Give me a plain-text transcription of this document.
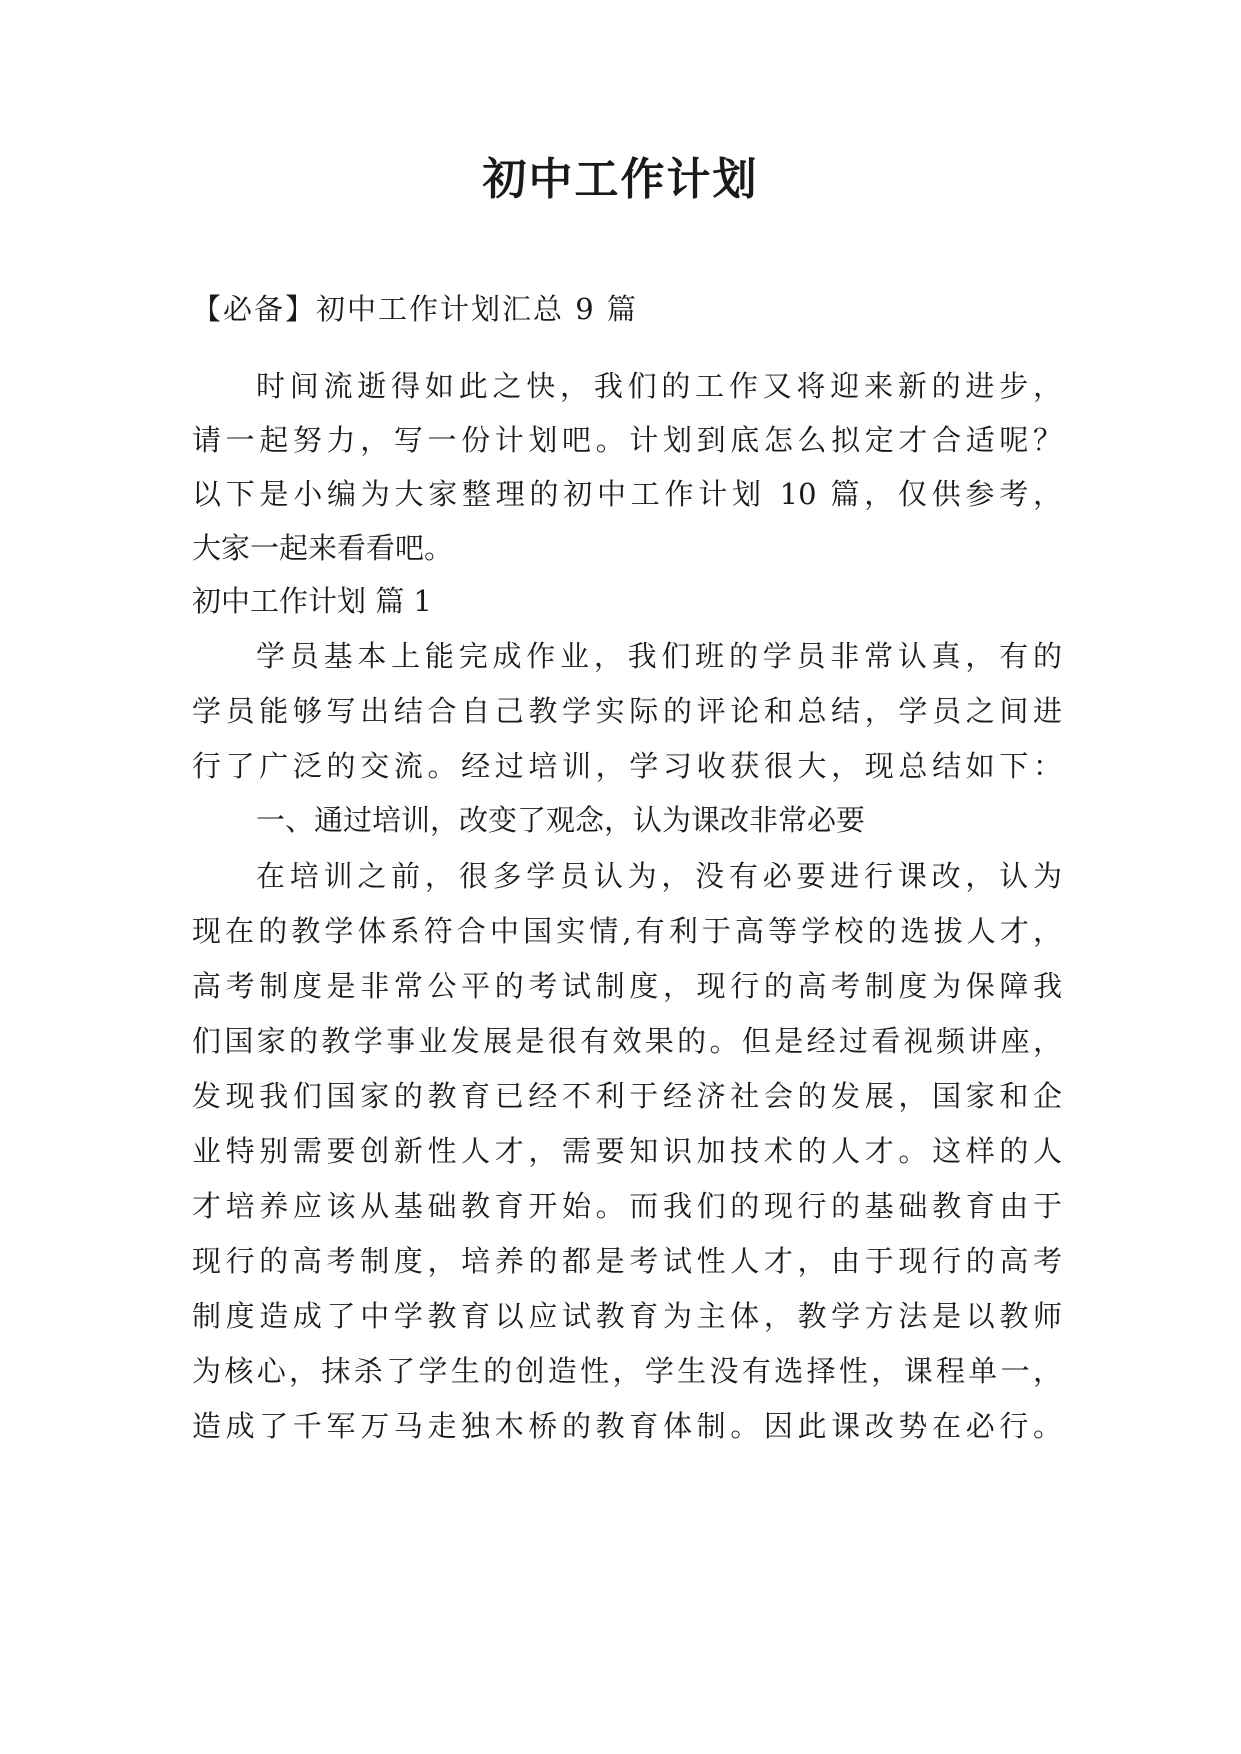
初中工作计划
【必备】初中工作计划汇总 9 篇
时间流逝得如此之快，我们的工作又将迎来新的进步，
请一起努力，写一份计划吧。计划到底怎么拟定才合适呢？
以下是小编为大家整理的初中工作计划 10 篇，仅供参考，
大家一起来看看吧。
初中工作计划 篇 1
学员基本上能完成作业，我们班的学员非常认真，有的
学员能够写出结合自己教学实际的评论和总结，学员之间进
行了广泛的交流。经过培训，学习收获很大，现总结如下：
一、通过培训，改变了观念，认为课改非常必要
在培训之前，很多学员认为，没有必要进行课改，认为
现在的教学体系符合中国实情,有利于高等学校的选拔人才，
高考制度是非常公平的考试制度，现行的高考制度为保障我
们国家的教学事业发展是很有效果的。但是经过看视频讲座，
发现我们国家的教育已经不利于经济社会的发展，国家和企
业特别需要创新性人才，需要知识加技术的人才。这样的人
才培养应该从基础教育开始。而我们的现行的基础教育由于
现行的高考制度，培养的都是考试性人才，由于现行的高考
制度造成了中学教育以应试教育为主体，教学方法是以教师
为核心，抹杀了学生的创造性，学生没有选择性，课程单一，
造成了千军万马走独木桥的教育体制。因此课改势在必行。
